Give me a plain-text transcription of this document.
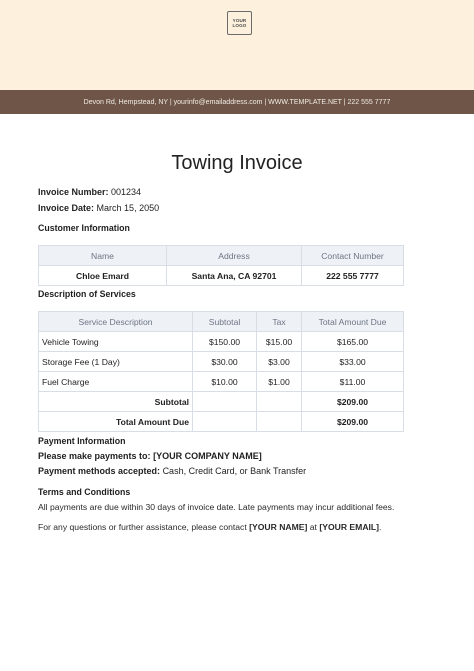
YOUR
LOGO
Devon Rd, Hempstead, NY | yourinfo@emailaddress.com | WWW.TEMPLATE.NET | 222 555 7777
Towing Invoice
Invoice Number: 001234
Invoice Date: March 15, 2050
Customer Information
Name	Address	Contact Number
Chloe Emard	Santa Ana, CA 92701	222 555 7777
Description of Services
Service Description	Subtotal	Tax	Total Amount Due
Vehicle Towing	$150.00	$15.00	$165.00
Storage Fee (1 Day)	$30.00	$3.00	$33.00
Fuel Charge	$10.00	$1.00	$11.00
Subtotal			$209.00
Total Amount Due			$209.00
Payment Information
Please make payments to: [YOUR COMPANY NAME]
Payment methods accepted: Cash, Credit Card, or Bank Transfer
Terms and Conditions
All payments are due within 30 days of invoice date. Late payments may incur additional fees.
For any questions or further assistance, please contact [YOUR NAME] at [YOUR EMAIL].
